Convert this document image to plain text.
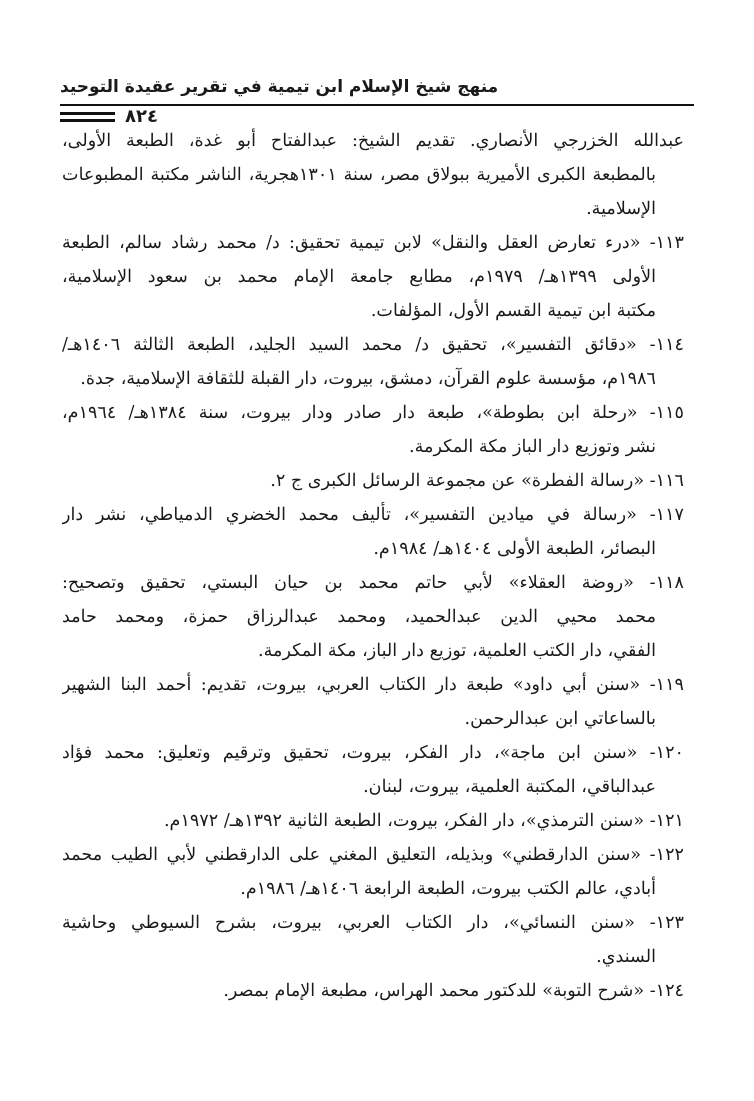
منهج شيخ الإسلام ابن تيمية في تقرير عقيدة التوحيد
٨٢٤
عبدالله الخزرجي الأنصاري. تقديم الشيخ: عبدالفتاح أبو غدة، الطبعة الأولى،
بالمطبعة الكبرى الأميرية ببولاق مصر، سنة ١٣٠١هجرية، الناشر مكتبة المطبوعات
الإسلامية.
١١٣- «درء تعارض العقل والنقل» لابن تيمية تحقيق: د/ محمد رشاد سالم، الطبعة
الأولى ١٣٩٩هـ/ ١٩٧٩م، مطابع جامعة الإمام محمد بن سعود الإسلامية،
مكتبة ابن تيمية القسم الأول، المؤلفات.
١١٤- «دقائق التفسير»، تحقيق د/ محمد السيد الجليد، الطبعة الثالثة ١٤٠٦هـ/
١٩٨٦م، مؤسسة علوم القرآن، دمشق، بيروت، دار القبلة للثقافة الإسلامية، جدة.
١١٥- «رحلة ابن بطوطة»، طبعة دار صادر ودار بيروت، سنة ١٣٨٤هـ/ ١٩٦٤م،
نشر وتوزيع دار الباز مكة المكرمة.
١١٦- «رسالة الفطرة» عن مجموعة الرسائل الكبرى ج ٢.
١١٧- «رسالة في ميادين التفسير»، تأليف محمد الخضري الدمياطي، نشر دار
البصائر، الطبعة الأولى ١٤٠٤هـ/ ١٩٨٤م.
١١٨- «روضة العقلاء» لأبي حاتم محمد بن حيان البستي، تحقيق وتصحيح:
محمد محيي الدين عبدالحميد، ومحمد عبدالرزاق حمزة، ومحمد حامد
الفقي، دار الكتب العلمية، توزيع دار الباز، مكة المكرمة.
١١٩- «سنن أبي داود» طبعة دار الكتاب العربي، بيروت، تقديم: أحمد البنا الشهير
بالساعاتي ابن عبدالرحمن.
١٢٠- «سنن ابن ماجة»، دار الفكر، بيروت، تحقيق وترقيم وتعليق: محمد فؤاد
عبدالباقي، المكتبة العلمية، بيروت، لبنان.
١٢١- «سنن الترمذي»، دار الفكر، بيروت، الطبعة الثانية ١٣٩٢هـ/ ١٩٧٢م.
١٢٢- «سنن الدارقطني» وبذيله، التعليق المغني على الدارقطني لأبي الطيب محمد
أبادي، عالم الكتب بيروت، الطبعة الرابعة ١٤٠٦هـ/ ١٩٨٦م.
١٢٣- «سنن النسائي»، دار الكتاب العربي، بيروت، بشرح السيوطي وحاشية
السندي.
١٢٤- «شرح التوبة» للدكتور محمد الهراس، مطبعة الإمام بمصر.
